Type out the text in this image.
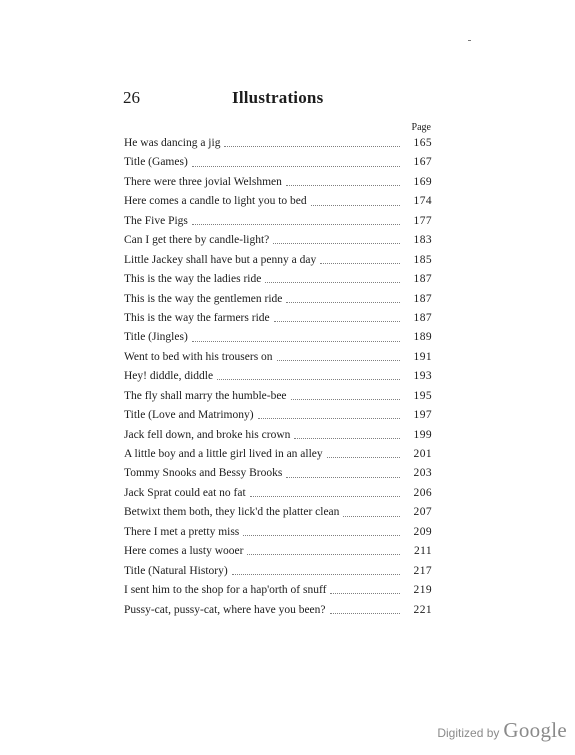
26	Illustrations
Page
He was dancing a jig	165
Title (Games)	167
There were three jovial Welshmen	169
Here comes a candle to light you to bed	174
The Five Pigs	177
Can I get there by candle-light?	183
Little Jackey shall have but a penny a day	185
This is the way the ladies ride	187
This is the way the gentlemen ride	187
This is the way the farmers ride	187
Title (Jingles)	189
Went to bed with his trousers on	191
Hey! diddle, diddle	193
The fly shall marry the humble-bee	195
Title (Love and Matrimony)	197
Jack fell down, and broke his crown	199
A little boy and a little girl lived in an alley	201
Tommy Snooks and Bessy Brooks	203
Jack Sprat could eat no fat	206
Betwixt them both, they lick'd the platter clean	207
There I met a pretty miss	209
Here comes a lusty wooer	211
Title (Natural History)	217
I sent him to the shop for a hap'orth of snuff	219
Pussy-cat, pussy-cat, where have you been?	221
Digitized by Google
